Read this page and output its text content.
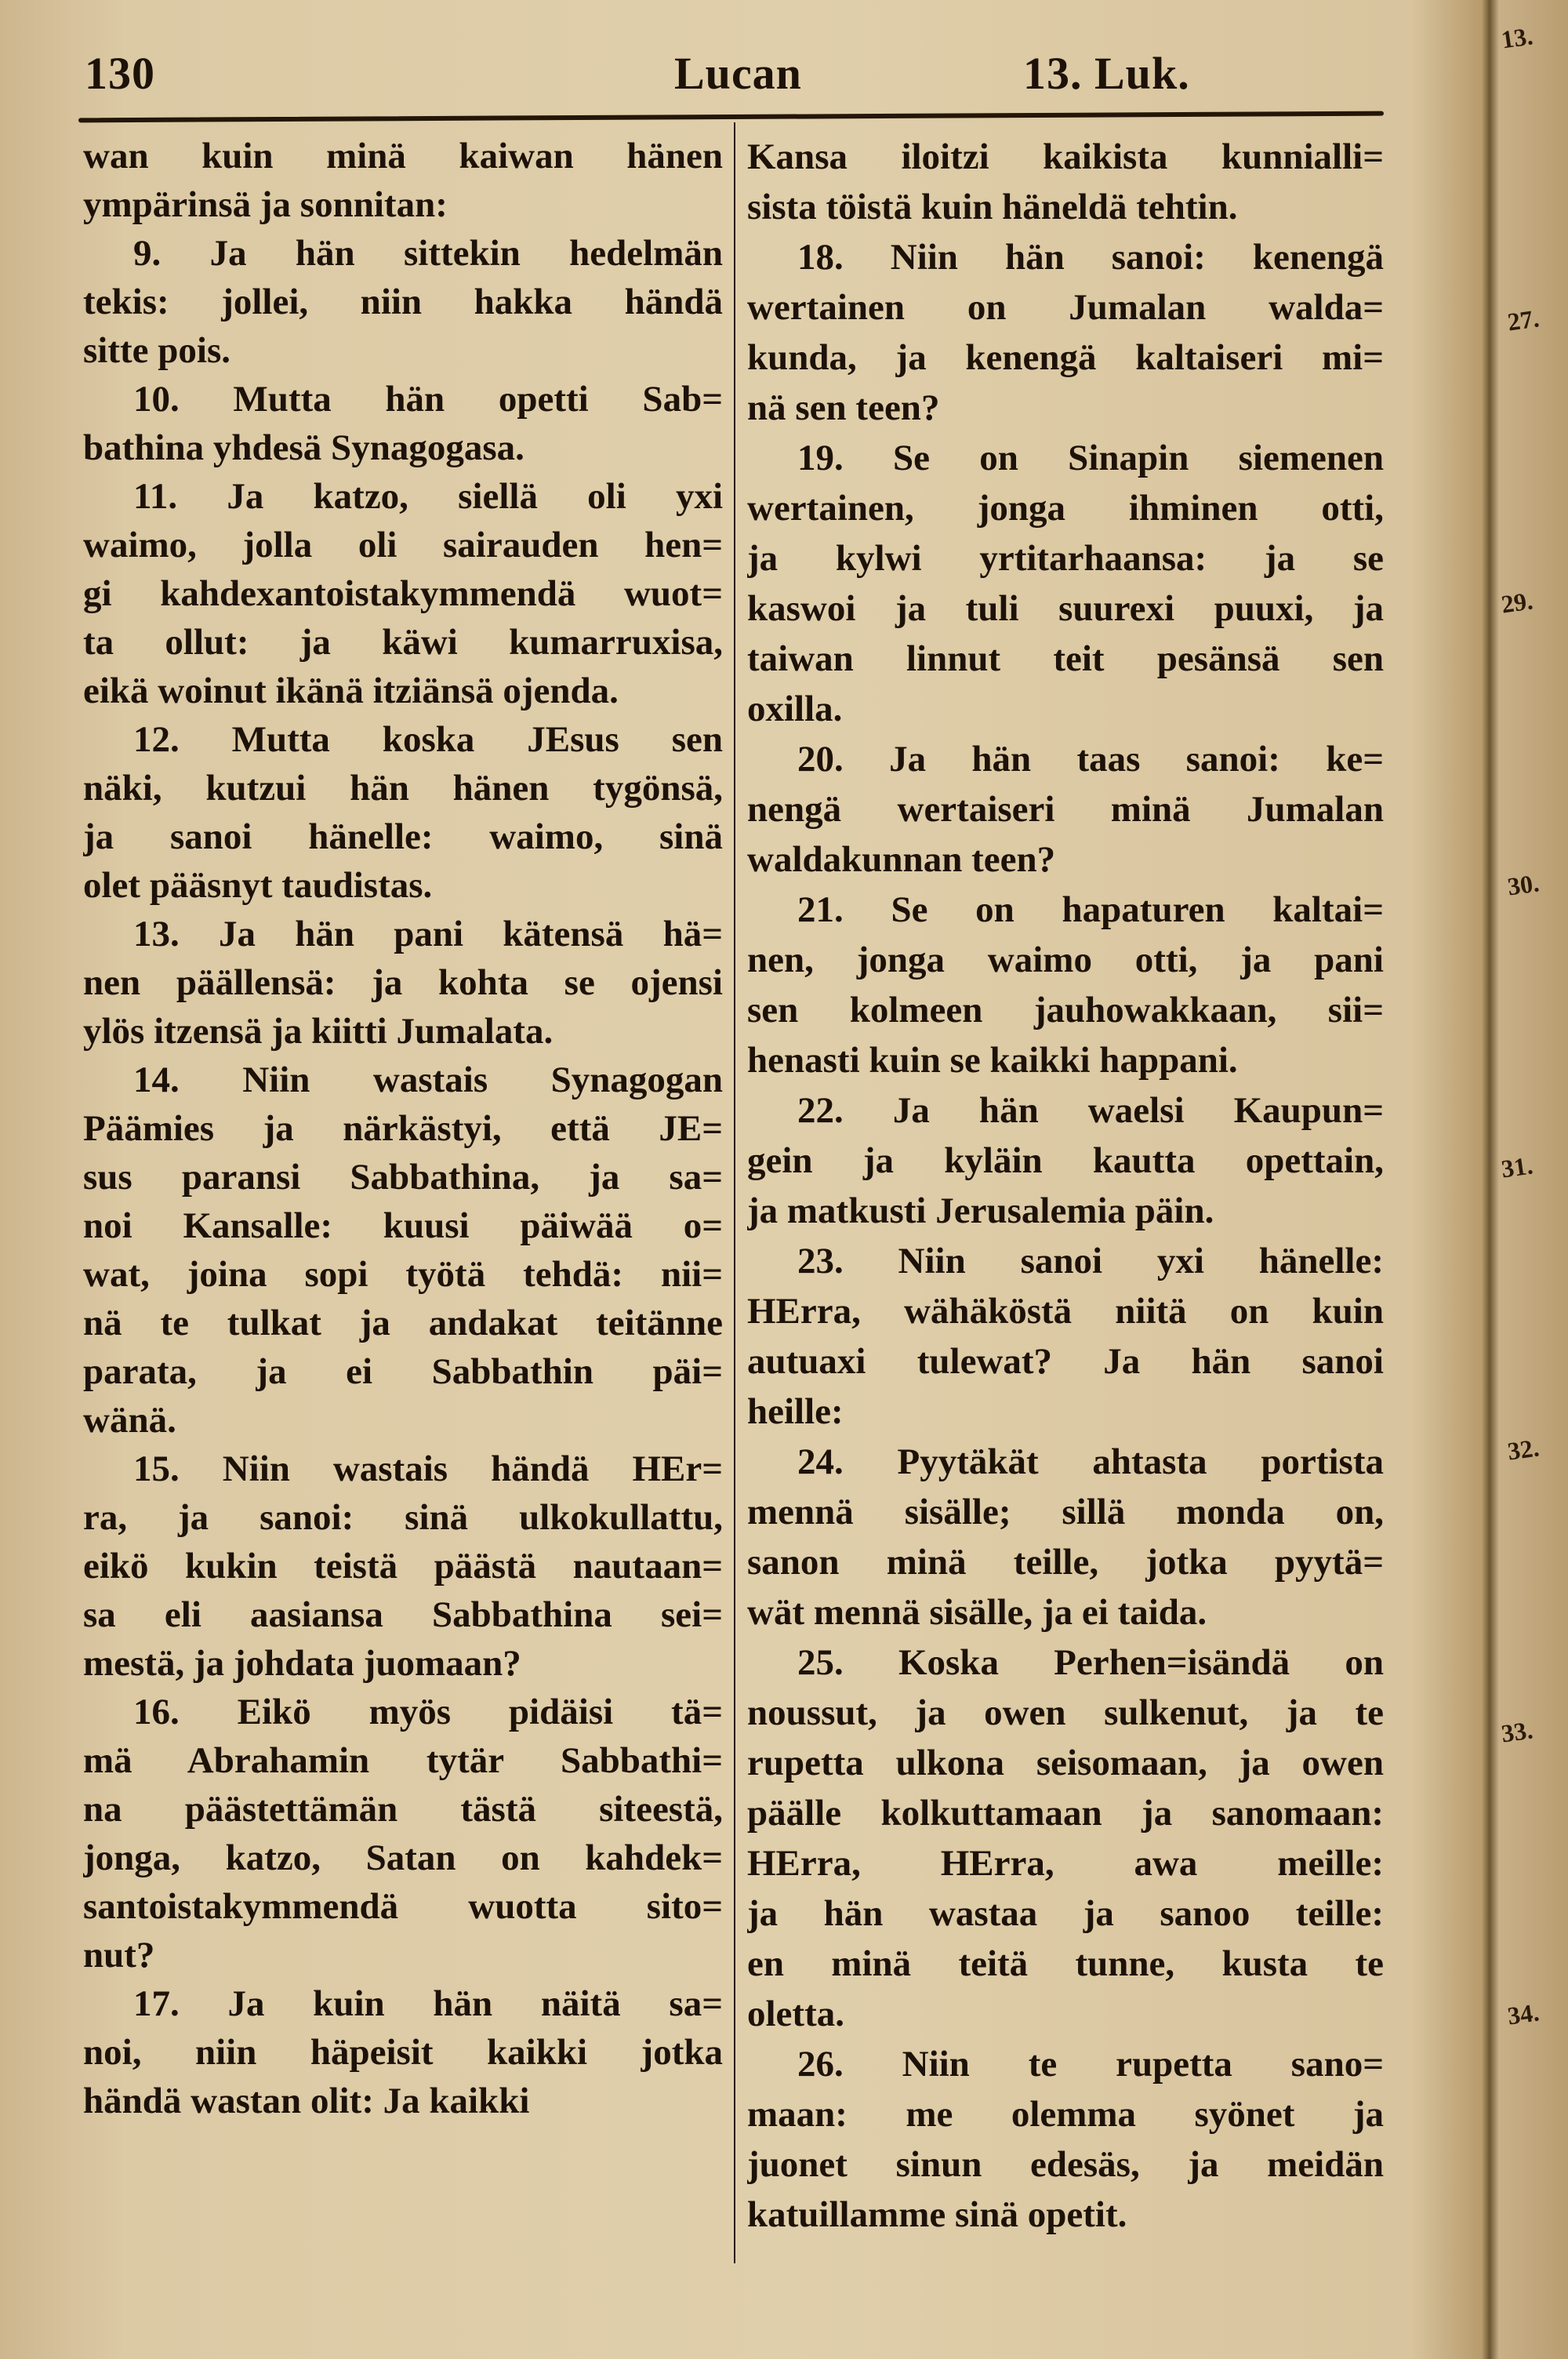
130	Lucan	13. Luk.
wan kuin minä kaiwan hänen
ympärinsä ja sonnitan:
9. Ja hän sittekin hedelmän
tekis: jollei, niin hakka händä
sitte pois.
10. Mutta hän opetti Sab=
bathina yhdesä Synagogasa.
11. Ja katzo, siellä oli yxi
waimo, jolla oli sairauden hen=
gi kahdexantoistakymmendä wuot=
ta ollut: ja käwi kumarruxisa,
eikä woinut ikänä itziänsä ojenda.
12. Mutta koska JEsus sen
näki, kutzui hän hänen tygönsä,
ja sanoi hänelle: waimo, sinä
olet pääsnyt taudistas.
13. Ja hän pani kätensä hä=
nen päällensä: ja kohta se ojensi
ylös itzensä ja kiitti Jumalata.
14. Niin wastais Synagogan
Päämies ja närkästyi, että JE=
sus paransi Sabbathina, ja sa=
noi Kansalle: kuusi päiwää o=
wat, joina sopi työtä tehdä: nii=
nä te tulkat ja andakat teitänne
parata, ja ei Sabbathin päi=
wänä.
15. Niin wastais händä HEr=
ra, ja sanoi: sinä ulkokullattu,
eikö kukin teistä päästä nautaan=
sa eli aasiansa Sabbathina sei=
mestä, ja johdata juomaan?
16. Eikö myös pidäisi tä=
mä Abrahamin tytär Sabbathi=
na päästettämän tästä siteestä,
jonga, katzo, Satan on kahdek=
santoistakymmendä wuotta sito=
nut?
17. Ja kuin hän näitä sa=
noi, niin häpeisit kaikki jotka
händä wastan olit: Ja kaikki
Kansa iloitzi kaikista kunnialli=
sista töistä kuin häneldä tehtin.
18. Niin hän sanoi: kenengä
wertainen on Jumalan walda=
kunda, ja kenengä kaltaiseri mi=
nä sen teen?
19. Se on Sinapin siemenen
wertainen, jonga ihminen otti,
ja kylwi yrtitarhaansa: ja se
kaswoi ja tuli suurexi puuxi, ja
taiwan linnut teit pesänsä sen
oxilla.
20. Ja hän taas sanoi: ke=
nengä wertaiseri minä Jumalan
waldakunnan teen?
21. Se on hapaturen kaltai=
nen, jonga waimo otti, ja pani
sen kolmeen jauhowakkaan, sii=
henasti kuin se kaikki happani.
22. Ja hän waelsi Kaupun=
gein ja kyläin kautta opettain,
ja matkusti Jerusalemia päin.
23. Niin sanoi yxi hänelle:
HErra, wähäköstä niitä on kuin
autuaxi tulewat? Ja hän sanoi
heille:
24. Pyytäkät ahtasta portista
mennä sisälle; sillä monda on,
sanon minä teille, jotka pyytä=
wät mennä sisälle, ja ei taida.
25. Koska Perhen=isändä on
noussut, ja owen sulkenut, ja te
rupetta ulkona seisomaan, ja owen
päälle kolkuttamaan ja sanomaan:
HErra, HErra, awa meille:
ja hän wastaa ja sanoo teille:
en minä teitä tunne, kusta te
oletta.
26. Niin te rupetta sano=
maan: me olemma syönet ja
juonet sinun edesäs, ja meidän
katuillamme sinä opetit.
13.
27.
29.
30.
31.
32.
33.
34.
